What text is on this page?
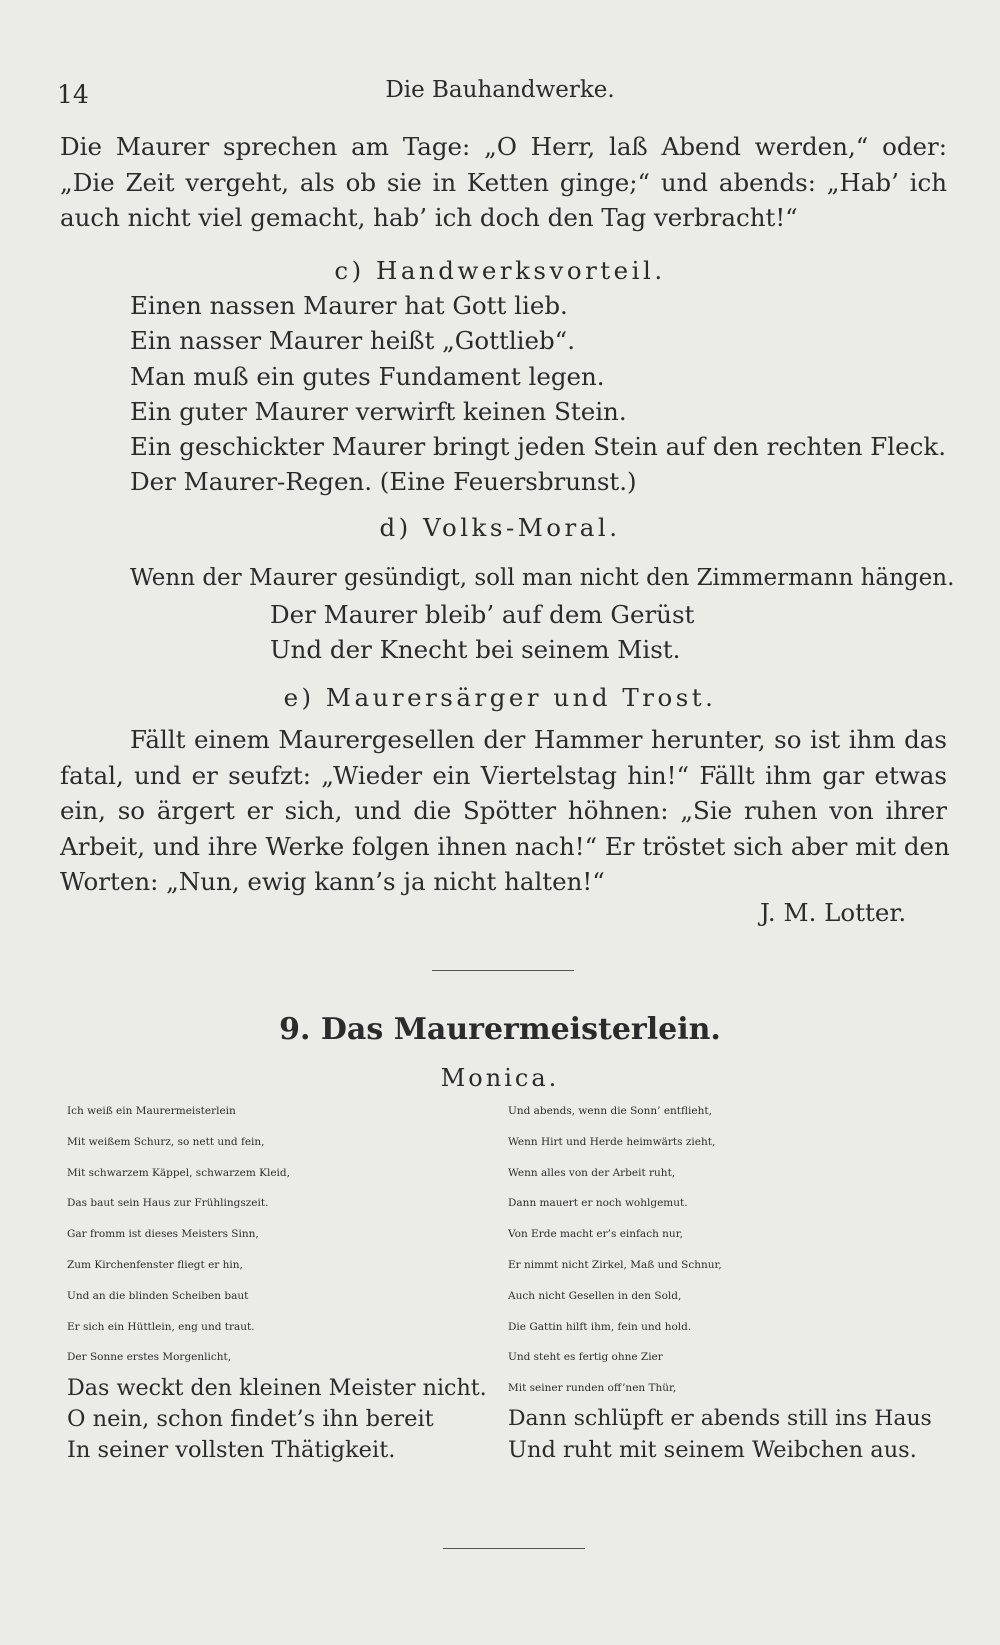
14	Die Bauhandwerke.

Die Maurer sprechen am Tage: „O Herr, laß Abend werden,“ oder:

„Die Zeit vergeht, als ob sie in Ketten ginge;“ und abends: „Hab’ ich

auch nicht viel gemacht, hab’ ich doch den Tag verbracht!“

c) Handwerksvorteil.
Einen nassen Maurer hat Gott lieb.
Ein nasser Maurer heißt „Gottlieb“.
Man muß ein gutes Fundament legen.
Ein guter Maurer verwirft keinen Stein.
Ein geschickter Maurer bringt jeden Stein auf den rechten Fleck.
Der Maurer-Regen. (Eine Feuersbrunst.)
d) Volks-Moral.
Wenn der Maurer gesündigt, soll man nicht den Zimmermann hängen.
Der Maurer bleib’ auf dem Gerüst
Und der Knecht bei seinem Mist.
e) Maurersärger und Trost.

Fällt einem Maurergesellen der Hammer herunter, so ist ihm das

fatal, und er seufzt: „Wieder ein Viertelstag hin!“ Fällt ihm gar etwas

ein, so ärgert er sich, und die Spötter höhnen: „Sie ruhen von ihrer

Arbeit, und ihre Werke folgen ihnen nach!“ Er tröstet sich aber mit den

Worten: „Nun, ewig kann’s ja nicht halten!“

J. M. Lotter.
9. Das Maurermeisterlein.
Monica.
Ich weiß ein Maurermeisterlein
Mit weißem Schurz, so nett und fein,
Mit schwarzem Käppel, schwarzem Kleid,
Das baut sein Haus zur Frühlingszeit.
Gar fromm ist dieses Meisters Sinn,
Zum Kirchenfenster fliegt er hin,
Und an die blinden Scheiben baut
Er sich ein Hüttlein, eng und traut.
Der Sonne erstes Morgenlicht,
Das weckt den kleinen Meister nicht.
O nein, schon findet’s ihn bereit
In seiner vollsten Thätigkeit.
Und abends, wenn die Sonn’ entflieht,
Wenn Hirt und Herde heimwärts zieht,
Wenn alles von der Arbeit ruht,
Dann mauert er noch wohlgemut.
Von Erde macht er’s einfach nur,
Er nimmt nicht Zirkel, Maß und Schnur,
Auch nicht Gesellen in den Sold,
Die Gattin hilft ihm, fein und hold.
Und steht es fertig ohne Zier
Mit seiner runden off’nen Thür,
Dann schlüpft er abends still ins Haus
Und ruht mit seinem Weibchen aus.
